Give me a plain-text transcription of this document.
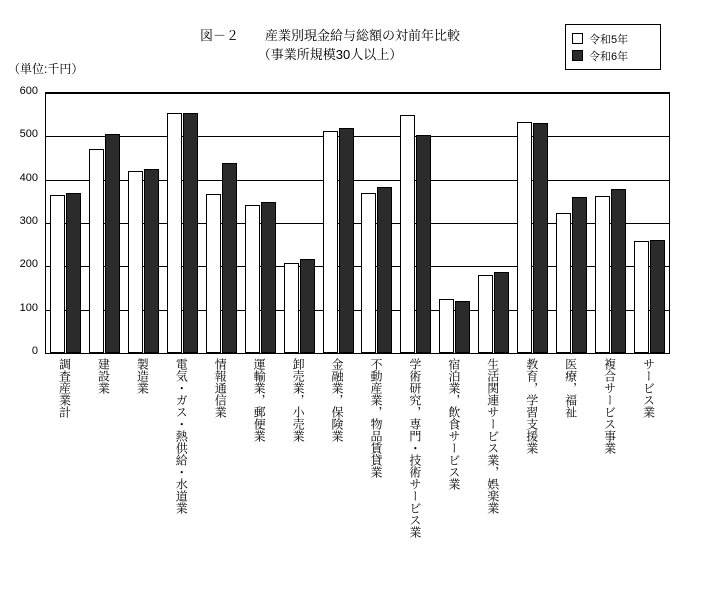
図－２　　産業別現金給与総額の対前年比較
（事業所規模30人以上）
（単位:千円）
令和5年
令和6年
0
100
200
300
400
500
600
調査産業計 建設業 製造業 電気・ガス・熱供給・水道業 情報通信業 運輸業，郵便業 卸売業，小売業 金融業，保険業 不動産業，物品賃貸業 学術研究，専門・技術サービス業 宿泊業，飲食サービス業 生活関連サービス業，娯楽業 教育，学習支援業 医療，福祉 複合サービス事業 サービス業
